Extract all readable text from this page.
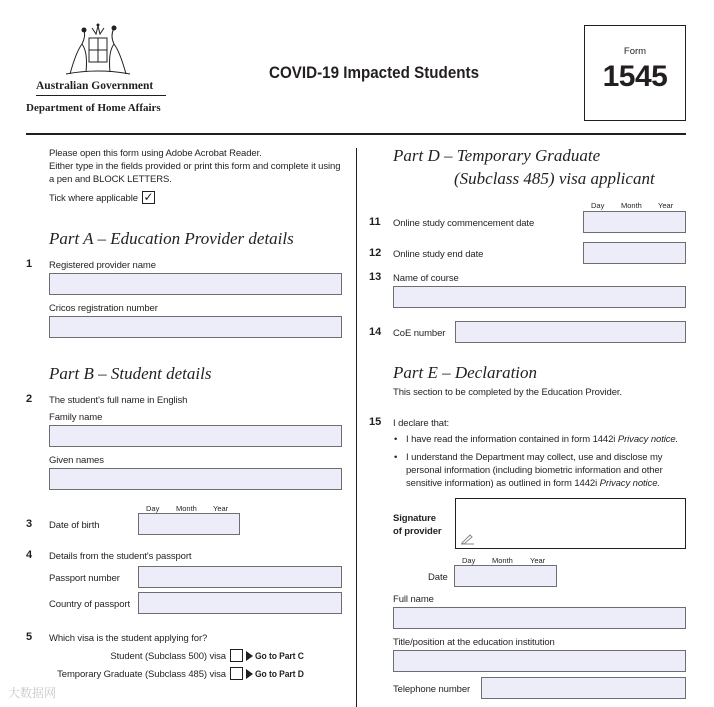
Australian Government
Department of Home Affairs
COVID-19 Impacted Students
Form
1545
Please open this form using Adobe Acrobat Reader.
Either type in the fields provided or print this form and complete it using
a pen and BLOCK LETTERS.
Tick where applicable ✓
Part A – Education Provider details
1 Registered provider name
Cricos registration number
Part B – Student details
2 The student's full name in English
Family name
Given names
Day Month Year
3 Date of birth
4 Details from the student's passport
Passport number
Country of passport
5 Which visa is the student applying for?
Student (Subclass 500) visa	Go to Part C
Temporary Graduate (Subclass 485) visa	Go to Part D
大数据网
Part D – Temporary Graduate
(Subclass 485) visa applicant
Day Month Year
11 Online study commencement date
12 Online study end date
13 Name of course
14 CoE number
Part E – Declaration
This section to be completed by the Education Provider.
15 I declare that:
• I have read the information contained in form 1442i Privacy notice.
• I understand the Department may collect, use and disclose my
personal information (including biometric information and other
sensitive information) as outlined in form 1442i Privacy notice.
Signature
of provider
Day Month Year
Date
Full name
Title/position at the education institution
Telephone number
